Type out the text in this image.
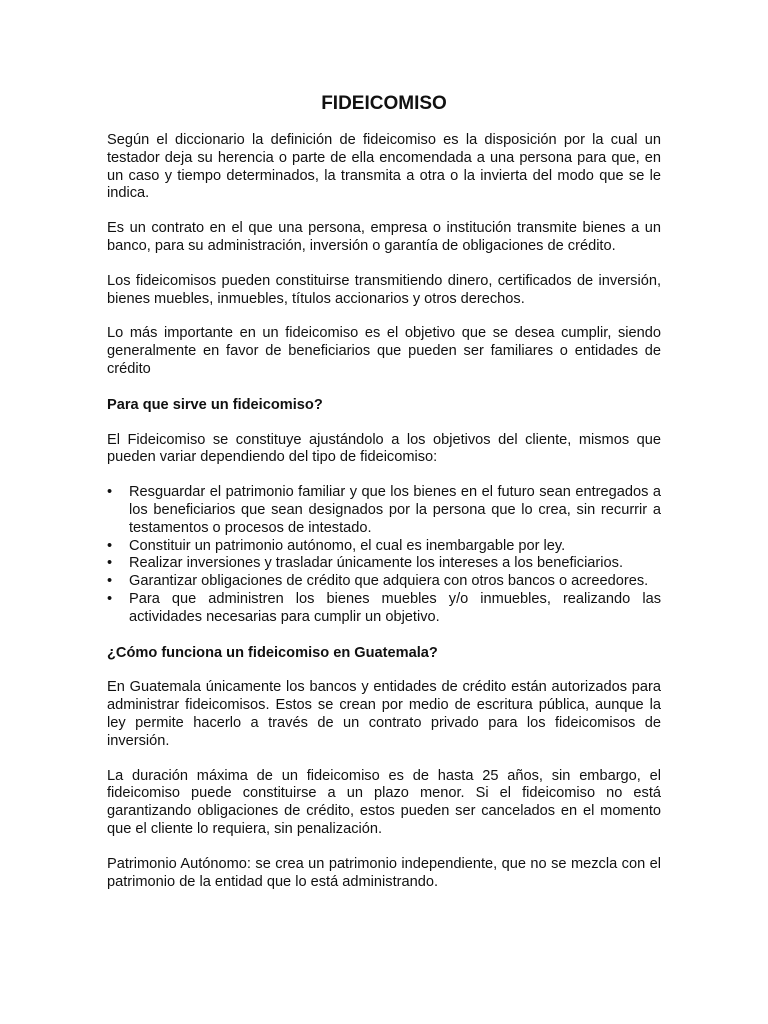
FIDEICOMISO

Según el diccionario la definición de fideicomiso es la disposición por la cual un testador deja su herencia o parte de ella encomendada a una persona para que, en un caso y tiempo determinados, la transmita a otra o la invierta del modo que se le indica.

Es un contrato en el que una persona, empresa o institución transmite bienes a un banco, para su administración, inversión o garantía de obligaciones de crédito.

Los fideicomisos pueden constituirse transmitiendo dinero, certificados de inversión, bienes muebles, inmuebles, títulos accionarios y otros derechos.

Lo más importante en un fideicomiso es el objetivo que se desea cumplir, siendo generalmente en favor de beneficiarios que pueden ser familiares o entidades de crédito

Para que sirve un fideicomiso?

El Fideicomiso se constituye ajustándolo a los objetivos del cliente, mismos que pueden variar dependiendo del tipo de fideicomiso:

•	Resguardar el patrimonio familiar y que los bienes en el futuro sean entregados a los beneficiarios que sean designados por la persona que lo crea, sin recurrir a testamentos o procesos de intestado.
•	Constituir un patrimonio autónomo, el cual es inembargable por ley.
•	Realizar inversiones y trasladar únicamente los intereses a los beneficiarios.
•	Garantizar obligaciones de crédito que adquiera con otros bancos o acreedores.
•	Para que administren los bienes muebles y/o inmuebles, realizando las actividades necesarias para cumplir un objetivo.
¿Cómo funciona un fideicomiso en Guatemala?

En Guatemala únicamente los bancos y entidades de crédito están autorizados para administrar fideicomisos. Estos se crean por medio de escritura pública, aunque la ley permite hacerlo a través de un contrato privado para los fideicomisos de inversión.

La duración máxima de un fideicomiso es de hasta 25 años, sin embargo, el fideicomiso puede constituirse a un plazo menor. Si el fideicomiso no está garantizando obligaciones de crédito, estos pueden ser cancelados en el momento que el cliente lo requiera, sin penalización.

Patrimonio Autónomo: se crea un patrimonio independiente, que no se mezcla con el patrimonio de la entidad que lo está administrando.
